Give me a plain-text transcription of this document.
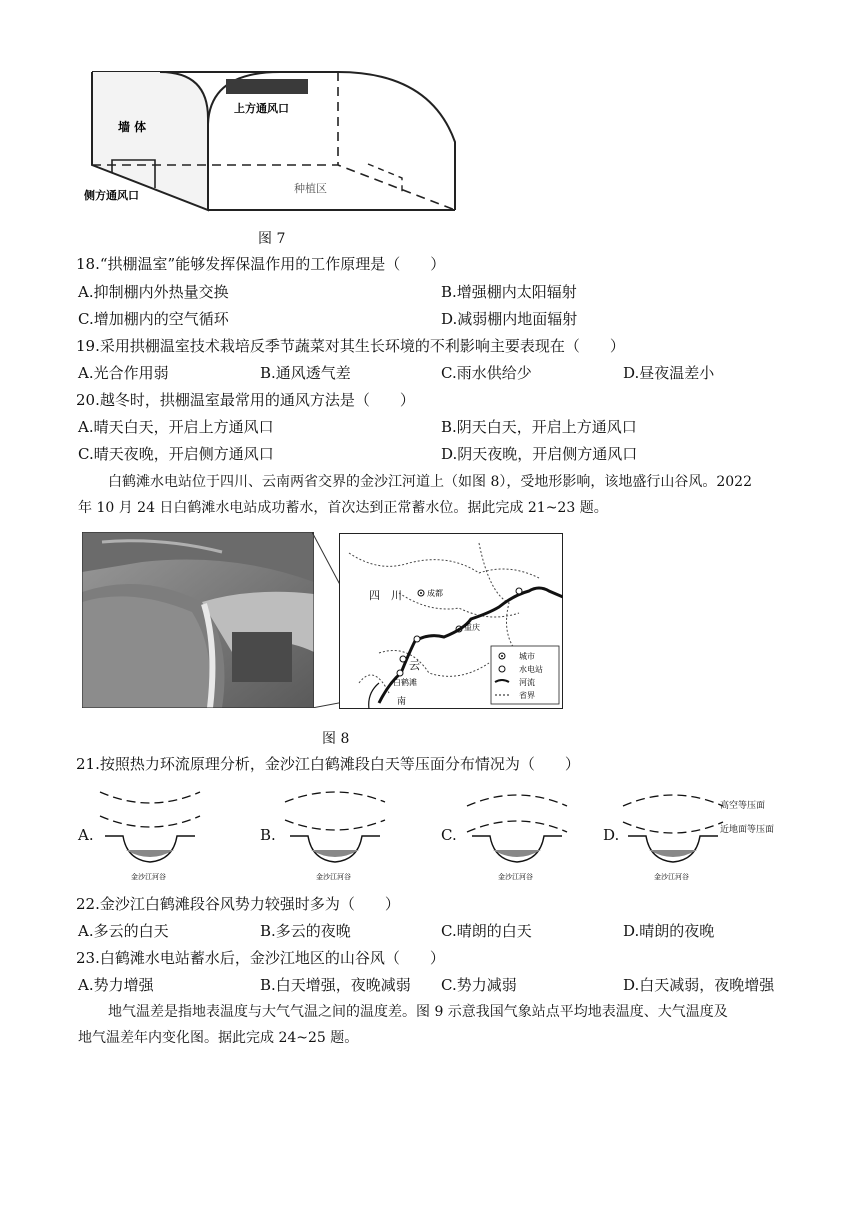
上方通风口
墙 体
侧方通风口
种植区
图 7
18.“拱棚温室”能够发挥保温作用的工作原理是（　　）
A.抑制棚内外热量交换	B.增强棚内太阳辐射
C.增加棚内的空气循环	D.减弱棚内地面辐射
19.采用拱棚温室技术栽培反季节蔬菜对其生长环境的不利影响主要表现在（　　）
A.光合作用弱	B.通风透气差	C.雨水供给少	D.昼夜温差小
20.越冬时，拱棚温室最常用的通风方法是（　　）
A.晴天白天，开启上方通风口	B.阴天白天，开启上方通风口
C.晴天夜晚，开启侧方通风口	D.阴天夜晚，开启侧方通风口
白鹤滩水电站位于四川、云南两省交界的金沙江河道上（如图 8），受地形影响，该地盛行山谷风。2022
年 10 月 24 日白鹤滩水电站成功蓄水，首次达到正常蓄水位。据此完成 21~23 题。
四　川	成都
重庆
云
白鹤滩
南
城市
水电站
河流
省界
图 8
21.按照热力环流原理分析，金沙江白鹤滩段白天等压面分布情况为（　　）
A.	B.	C.	D.
金沙江河谷	金沙江河谷	金沙江河谷	金沙江河谷
高空等压面
近地面等压面
22.金沙江白鹤滩段谷风势力较强时多为（　　）
A.多云的白天	B.多云的夜晚	C.晴朗的白天	D.晴朗的夜晚
23.白鹤滩水电站蓄水后，金沙江地区的山谷风（　　）
A.势力增强	B.白天增强，夜晚减弱 C.势力减弱	D.白天减弱，夜晚增强
地气温差是指地表温度与大气气温之间的温度差。图 9 示意我国气象站点平均地表温度、大气温度及
地气温差年内变化图。据此完成 24~25 题。
